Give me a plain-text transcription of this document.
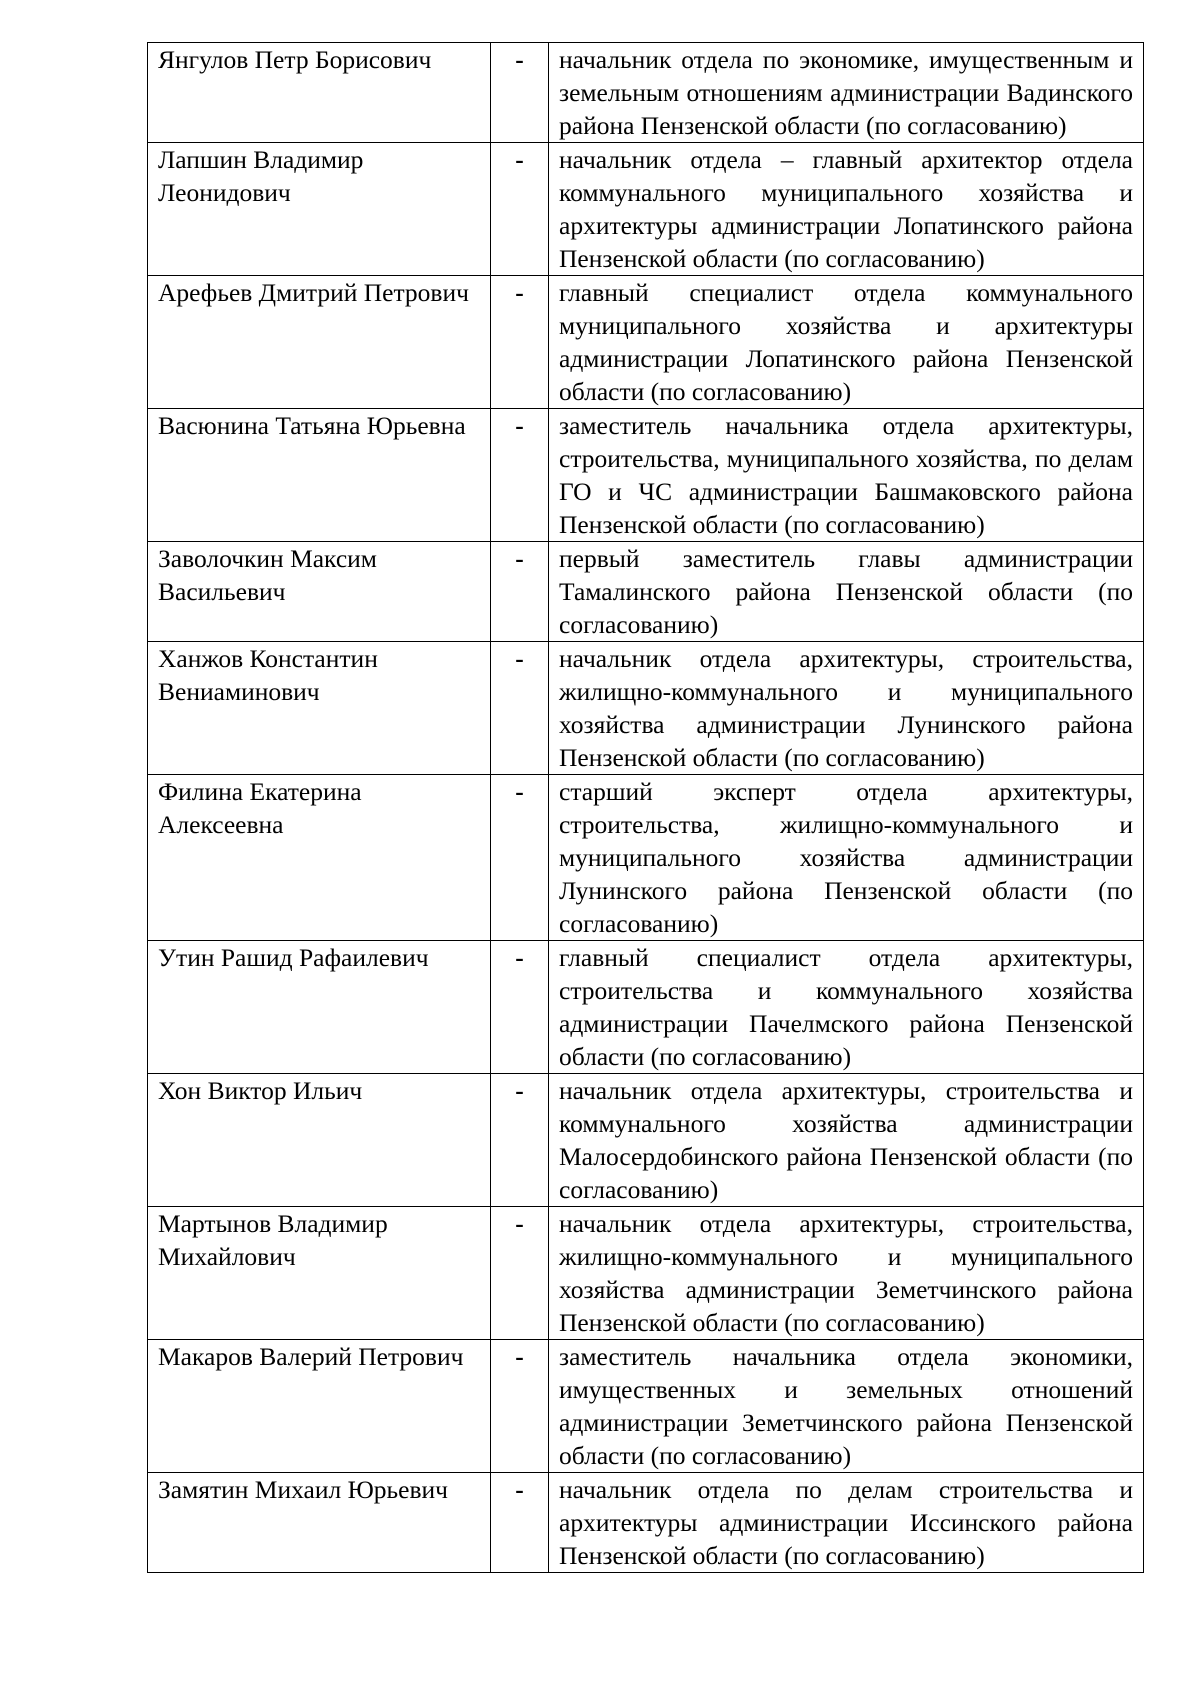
Янгулов Петр Борисович	-	начальник отдела по экономике, имущественным и земельным отношениям администрации Вадинского района Пензенской области (по согласованию)
Лапшин Владимир Леонидович	-	начальник отдела – главный архитектор отдела коммунального муниципального хозяйства и архитектуры администрации Лопатинского района Пензенской области (по согласованию)
Арефьев Дмитрий Петрович	-	главный специалист отдела коммунального муниципального хозяйства и архитектуры администрации Лопатинского района Пензенской области (по согласованию)
Васюнина Татьяна Юрьевна	-	заместитель начальника отдела архитектуры, строительства, муниципального хозяйства, по делам ГО и ЧС администрации Башмаковского района Пензенской области (по согласованию)
Заволочкин Максим Васильевич	-	первый заместитель главы администрации Тамалинского района Пензенской области (по согласованию)
Ханжов Константин Вениаминович	-	начальник отдела архитектуры, строительства, жилищно-коммунального и муниципального хозяйства администрации Лунинского района Пензенской области (по согласованию)
Филина Екатерина Алексеевна	-	старший эксперт отдела архитектуры, строительства, жилищно-коммунального и муниципального хозяйства администрации Лунинского района Пензенской области (по согласованию)
Утин Рашид Рафаилевич	-	главный специалист отдела архитектуры, строительства и коммунального хозяйства администрации Пачелмского района Пензенской области (по согласованию)
Хон Виктор Ильич	-	начальник отдела архитектуры, строительства и коммунального хозяйства администрации Малосердобинского района Пензенской области (по согласованию)
Мартынов Владимир Михайлович	-	начальник отдела архитектуры, строительства, жилищно-коммунального и муниципального хозяйства администрации Земетчинского района Пензенской области (по согласованию)
Макаров Валерий Петрович	-	заместитель начальника отдела экономики, имущественных и земельных отношений администрации Земетчинского района Пензенской области (по согласованию)
Замятин Михаил Юрьевич	-	начальник отдела по делам строительства и архитектуры администрации Иссинского района Пензенской области (по согласованию)
